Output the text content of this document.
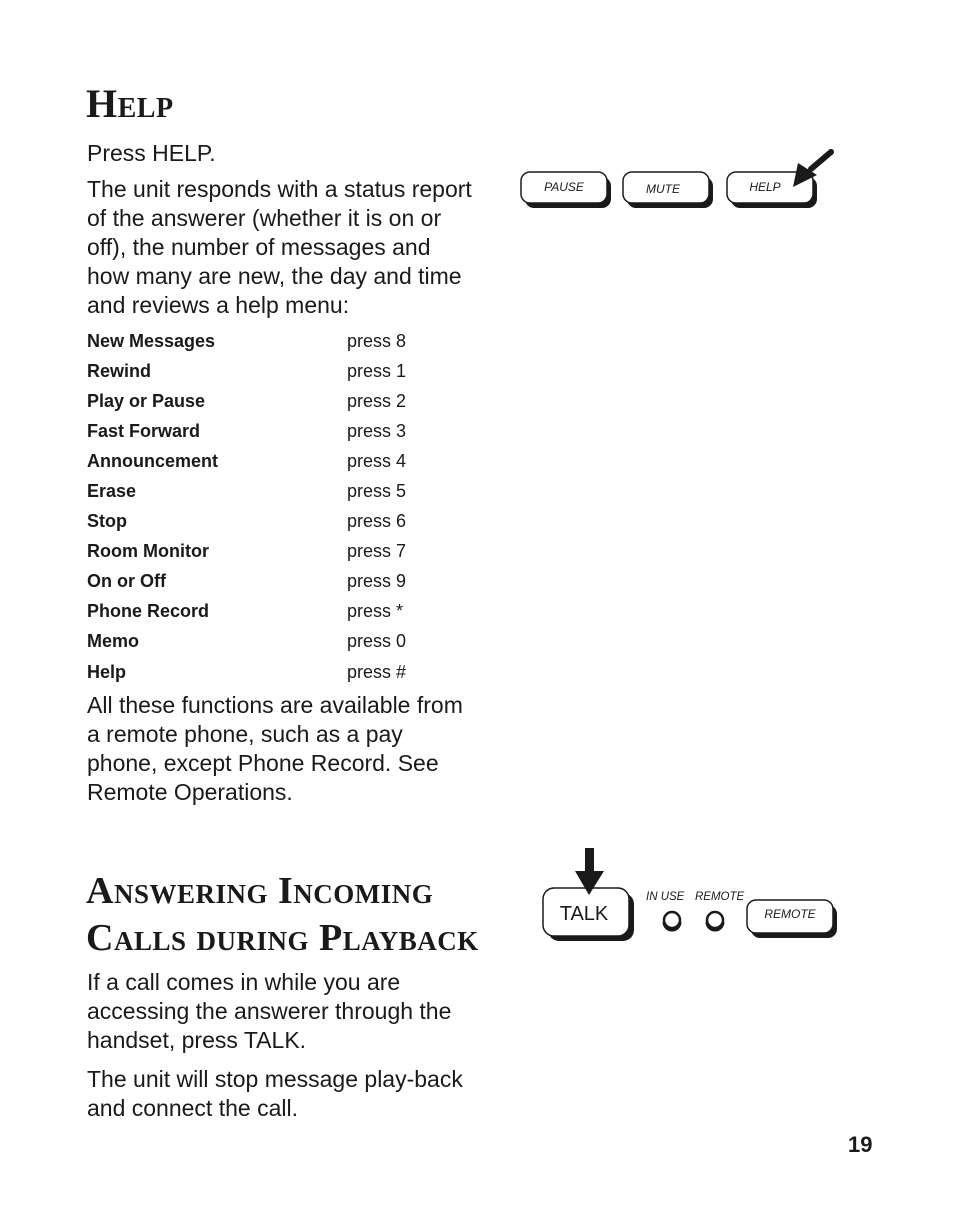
Help

Press HELP.

The unit responds with a status report of the answerer (whether it is on or off), the number of messages and how many are new, the day and time and reviews a help menu:

New Messages	press 8
Rewind	press 1
Play or Pause	press 2
Fast Forward	press 3
Announcement	press 4
Erase	press 5
Stop	press 6
Room Monitor	press 7
On or Off	press 9
Phone Record	press *
Memo	press 0
Help	press #

All these functions are available from a remote phone, such as a pay phone, except Phone Record. See Remote Operations.

PAUSE	MUTE	HELP
Answering Incoming
Calls during Playback

If a call comes in while you are accessing the answerer through the handset, press TALK.

The unit will stop message play-back and connect the call.

TALK
IN USE REMOTE
REMOTE
19
